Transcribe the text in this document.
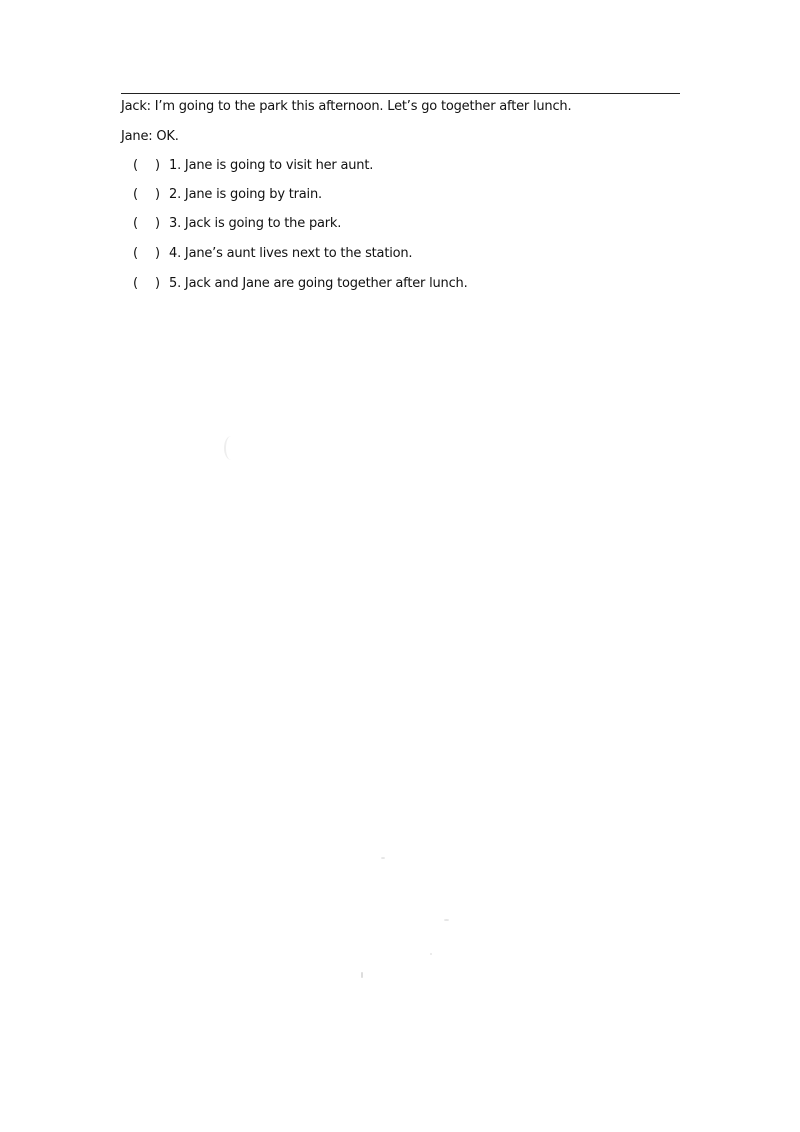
Jack: I’m going to the park this afternoon. Let’s go together after lunch.
Jane: OK.
( ) 1. Jane is going to visit her aunt.
( ) 2. Jane is going by train.
( ) 3. Jack is going to the park.
( ) 4. Jane’s aunt lives next to the station.
( ) 5. Jack and Jane are going together after lunch.
